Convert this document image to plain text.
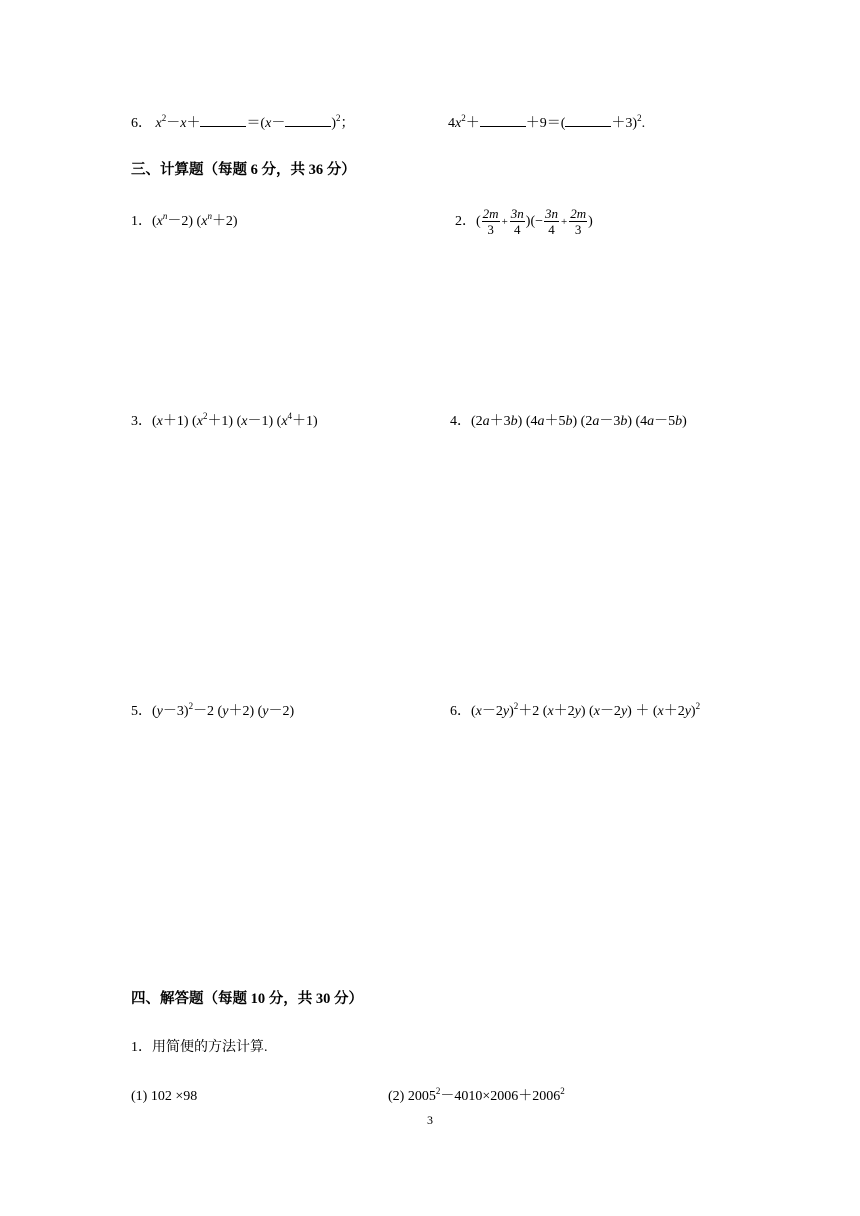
6． $x^2-x+$	＝(x－	)$^2$；	$4x^2+$	＋9＝(	＋3)$^2$.
三、计算题（每题 6 分，共 36 分）
1．$(x^n-2)$ $(x^n+2)$	2．( $\frac{2m}{3} + \frac{3n}{4}$ )(− $\frac{3n}{4} + \frac{2m}{3}$ )
3．(x＋1) $(x^2+1)$ (x－1) $(x^4+1)$	4．(2a＋3b) (4a＋5b) (2a－3b) (4a－5b)
5．$(y-3)^2-2$ (y＋2) (y－2)	6．$(x-2y)^2+2$ (x＋2y) $(x-2y) + (x+2y)^2$
四、解答题（每题 10 分，共 30 分）
1．用简便的方法计算.
(1) 102 ×98	(2) $2005^2-4010\times 2006+2006^2$
3
